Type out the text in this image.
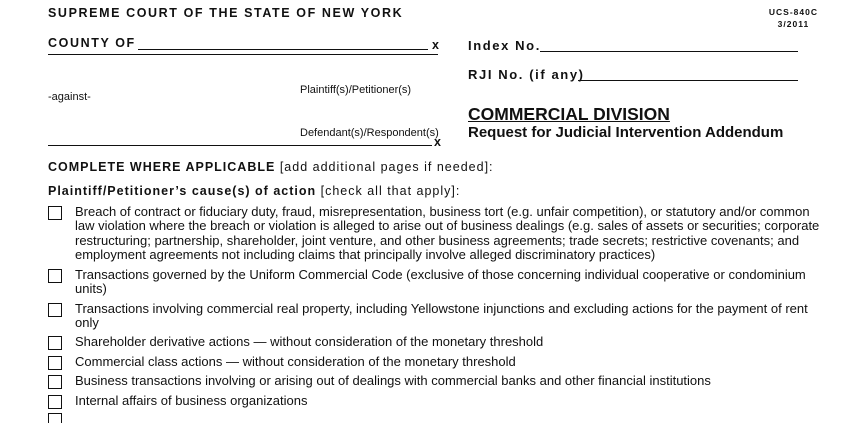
SUPREME COURT OF THE STATE OF NEW YORK	UCS-840C
3/2011
COUNTY OF	x Index No.
RJI No. (if any)
Plaintiff(s)/Petitioner(s)
-against-
Defendant(s)/Respondent(s)
x
COMMERCIAL DIVISION
Request for Judicial Intervention Addendum
COMPLETE WHERE APPLICABLE [add additional pages if needed]:
Plaintiff/Petitioner’s cause(s) of action [check all that apply]:
Breach of contract or fiduciary duty, fraud, misrepresentation, business tort (e.g. unfair competition), or statutory and/or common
law violation where the breach or violation is alleged to arise out of business dealings (e.g. sales of assets or securities; corporate
restructuring; partnership, shareholder, joint venture, and other business agreements; trade secrets; restrictive covenants; and
employment agreements not including claims that principally involve alleged discriminatory practices)
Transactions governed by the Uniform Commercial Code (exclusive of those concerning individual cooperative or condominium
units)
Transactions involving commercial real property, including Yellowstone injunctions and excluding actions for the payment of rent
only
Shareholder derivative actions — without consideration of the monetary threshold
Commercial class actions — without consideration of the monetary threshold
Business transactions involving or arising out of dealings with commercial banks and other financial institutions
Internal affairs of business organizations
